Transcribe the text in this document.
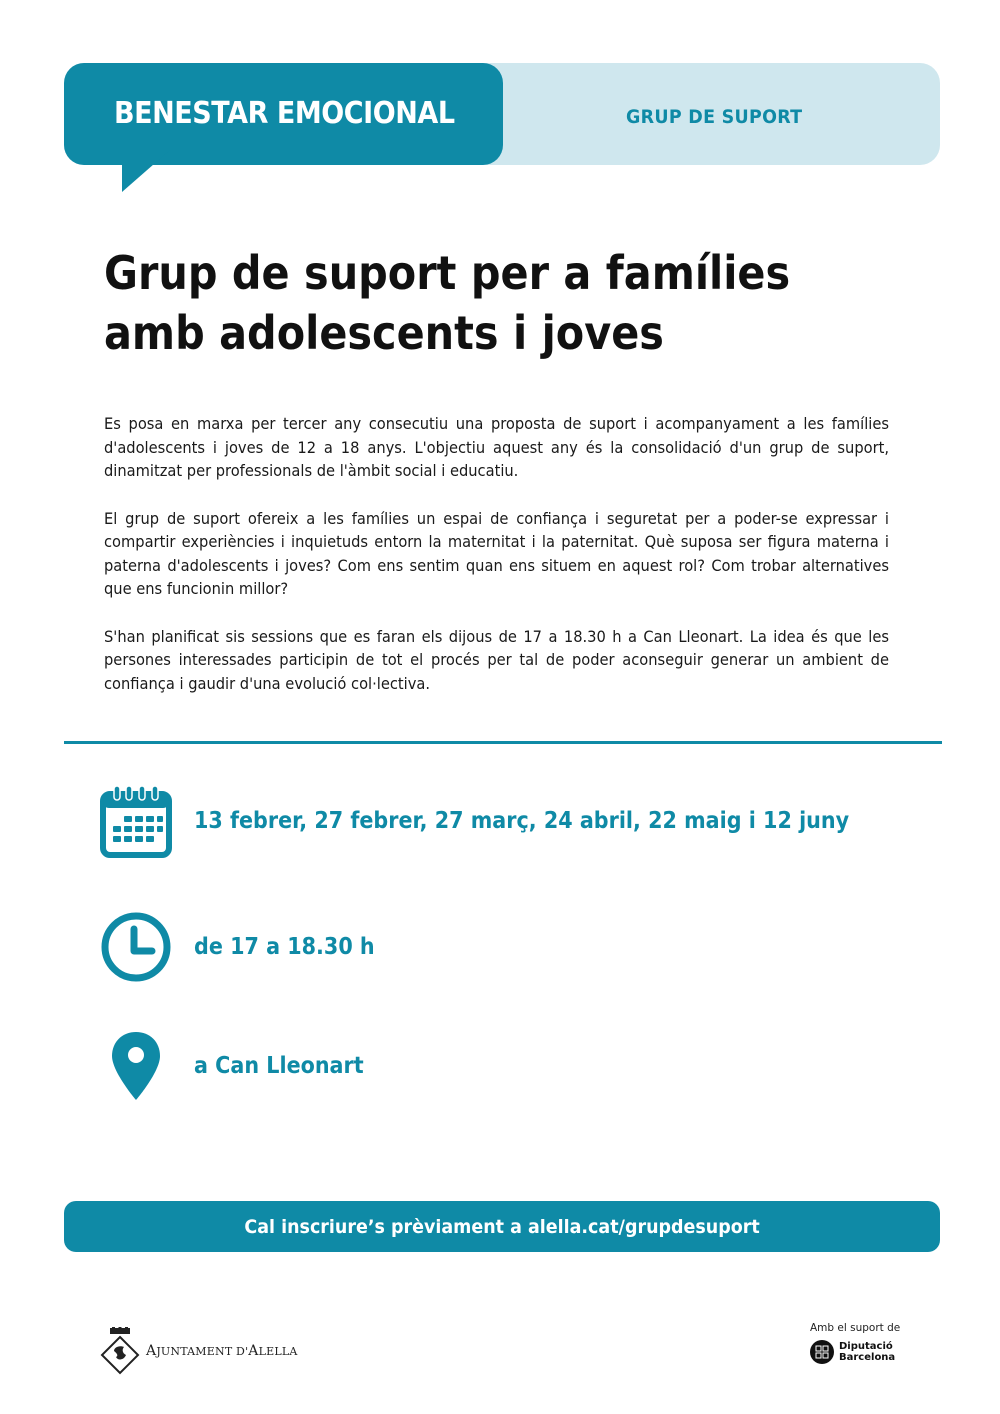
BENESTAR EMOCIONAL	GRUP DE SUPORT
Grup de suport per a famílies
amb adolescents i joves

Es posa en marxa per tercer any consecutiu una proposta de suport i acompanyament a les famílies d'adolescents i joves de 12 a 18 anys. L'objectiu aquest any és la consolidació d'un grup de suport, dinamitzat per professionals de l'àmbit social i educatiu.

El grup de suport ofereix a les famílies un espai de confiança i seguretat per a poder-se expressar i compartir experiències i inquietuds entorn la maternitat i la paternitat. Què suposa ser figura materna i paterna d'adolescents i joves? Com ens sentim quan ens situem en aquest rol? Com trobar alternatives que ens funcionin millor?

S'han planificat sis sessions que es faran els dijous de 17 a 18.30 h a Can Lleonart. La idea és que les persones interessades participin de tot el procés per tal de poder aconseguir generar un ambient de confiança i gaudir d'una evolució col·lectiva.

13 febrer, 27 febrer, 27 març, 24 abril, 22 maig i 12 juny
de 17 a 18.30 h
a Can Lleonart
Cal inscriure’s prèviament a alella.cat/grupdesuport
AJUNTAMENT D'ALELLA
Amb el suport de
Diputació
Barcelona
